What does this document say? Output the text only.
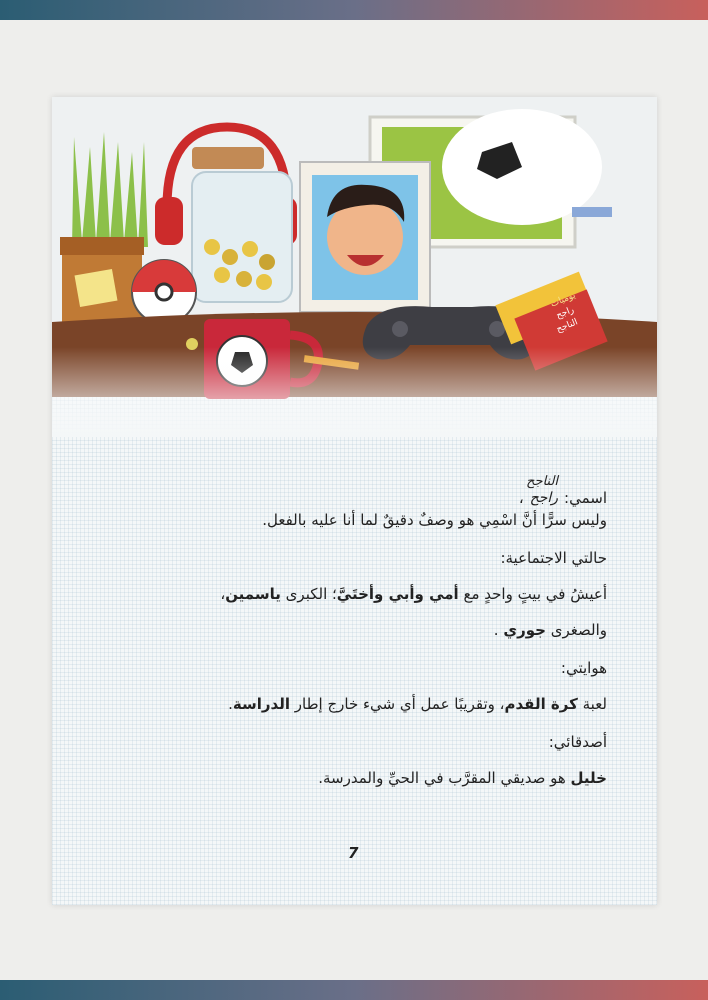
يوميات
راجح
الناجح
اسمي:
الناجح
راجح
،
وليس سرًّا أنَّ اسْمِي هو وصفٌ دقيقٌ لما أنا عليه بالفعل.
حالتي الاجتماعية:
أعيشُ في بيتٍ واحدٍ مع أمي وأبي وأختَيَّ؛ الكبرى ياسمين،
والصغرى جوري .
هوايتي:
لعبة كرة القدم، وتقريبًا عمل أي شيء خارج إطار الدراسة.
أصدقائي:
خليل هو صديقي المقرَّب في الحيِّ والمدرسة.
7
